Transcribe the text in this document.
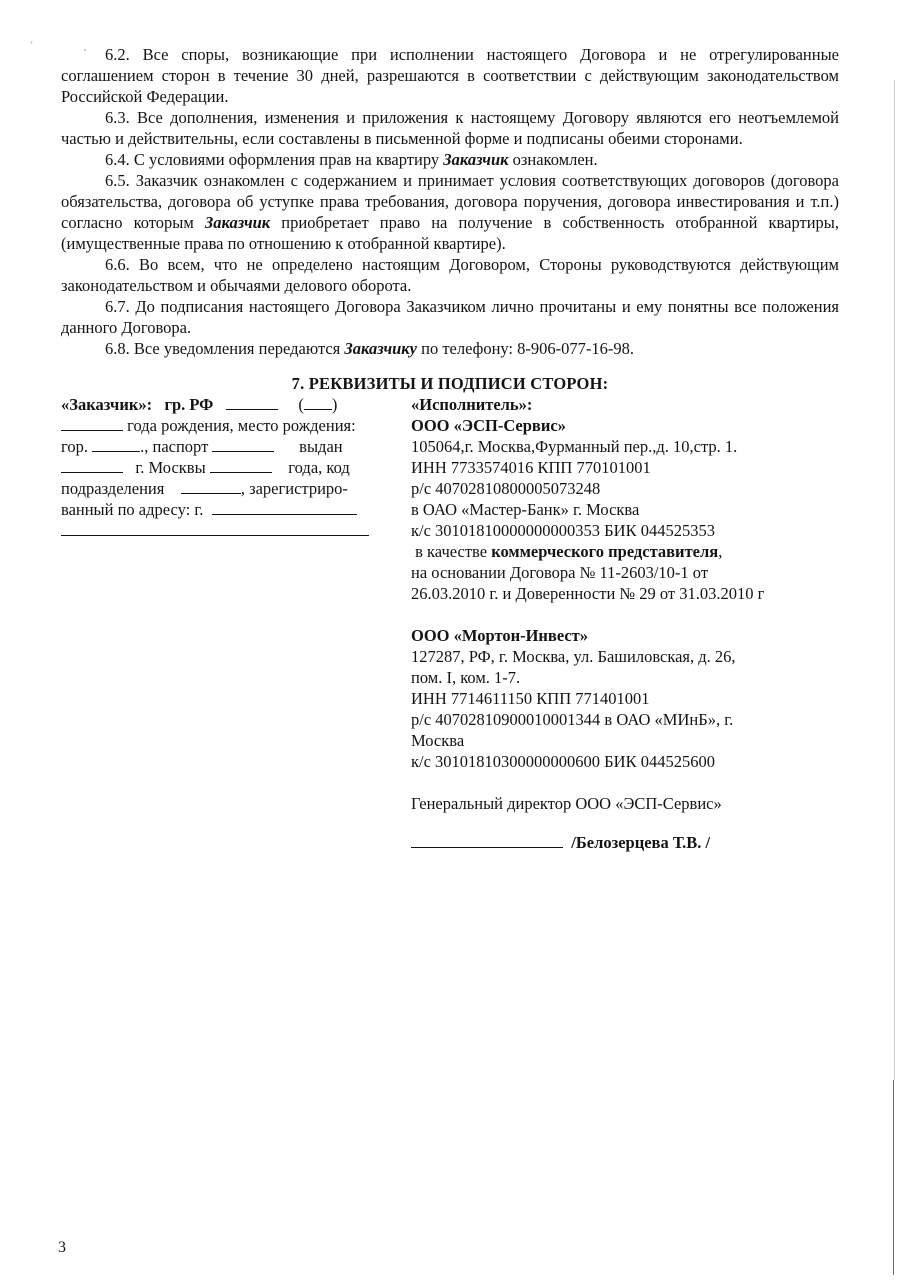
6.2. Все споры, возникающие при исполнении настоящего Договора и не отрегулированные соглашением сторон в течение 30 дней, разрешаются в соответствии с действующим законодательством Российской Федерации.

6.3. Все дополнения, изменения и приложения к настоящему Договору являются его неотъемлемой частью и действительны, если составлены в письменной форме и подписаны обеими сторонами.

6.4. С условиями оформления прав на квартиру Заказчик ознакомлен.

6.5. Заказчик ознакомлен с содержанием и принимает условия соответствующих договоров (договора обязательства, договора об уступке права требования, договора поручения, договора инвестирования и т.п.) согласно которым Заказчик приобретает право на получение в собственность отобранной квартиры, (имущественные права по отношению к отобранной квартире).

6.6. Во всем, что не определено настоящим Договором, Стороны руководствуются действующим законодательством и обычаями делового оборота.

6.7. До подписания настоящего Договора Заказчиком лично прочитаны и ему понятны все положения данного Договора.

6.8. Все уведомления передаются Заказчику по телефону: 8-906-077-16-98.

7. РЕКВИЗИТЫ И ПОДПИСИ СТОРОН:

«Заказчик»: гр. РФ	( )
года рождения, место рождения:
гор.	., паспорт	выдан
г. Москвы	года, код
подразделения	, зарегистриро-
ванный по адресу: г.
«Исполнитель»:
ООО «ЭСП-Сервис»
105064,г. Москва,Фурманный пер.,д. 10,стр. 1.
ИНН 7733574016 КПП 770101001
р/с 40702810800005073248
в ОАО «Мастер-Банк» г. Москва
к/с 30101810000000000353 БИК 044525353
в качестве коммерческого представителя,
на основании Договора № 11-2603/10-1 от
26.03.2010 г. и Доверенности № 29 от 31.03.2010 г
ООО «Мортон-Инвест»
127287, РФ, г. Москва, ул. Башиловская, д. 26,
пом. I, ком. 1-7.
ИНН 7714611150 КПП 771401001
р/с 40702810900010001344 в ОАО «МИнБ», г.
Москва
к/с 30101810300000000600 БИК 044525600
Генеральный директор ООО «ЭСП-Сервис»
/Белозерцева Т.В. /
3
'	,
